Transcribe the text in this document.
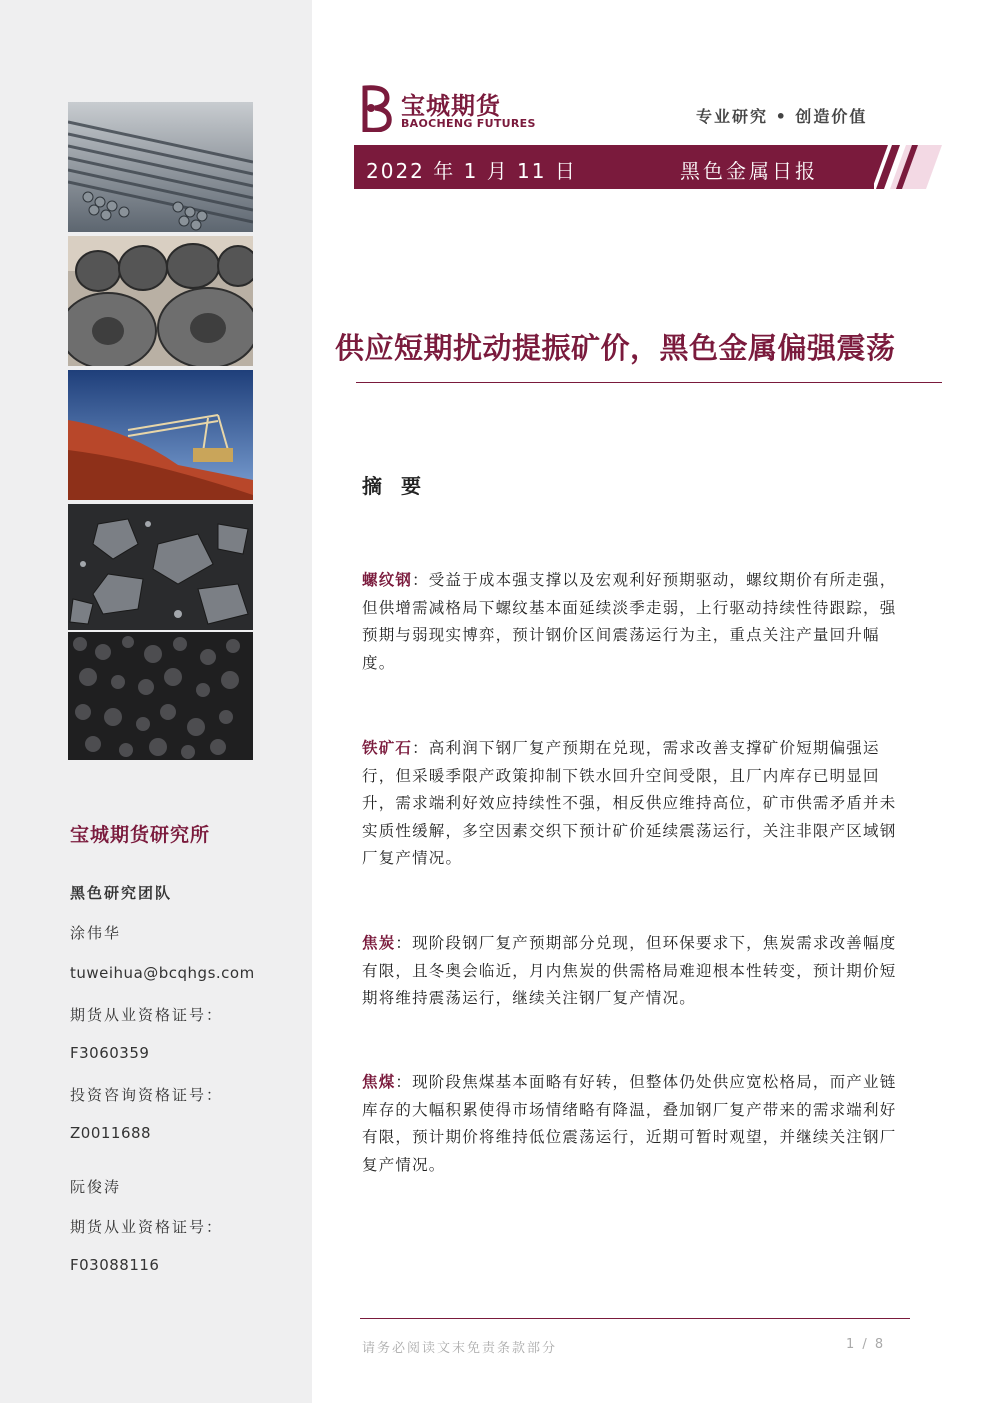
宝城期货研究所
黑色研究团队
涂伟华
tuweihua@bcqhgs.com
期货从业资格证号：
F3060359
投资咨询资格证号：
Z0011688
阮俊涛
期货从业资格证号：
F03088116
宝城期货
BAOCHENG FUTURES	专业研究 • 创造价值
2022 年 1 月 11 日	黑色金属日报
供应短期扰动提振矿价，黑色金属偏强震荡
摘 要
螺纹钢：受益于成本强支撑以及宏观利好预期驱动，螺纹期价有所走强，但供增需减格局下螺纹基本面延续淡季走弱，上行驱动持续性待跟踪，强预期与弱现实博弈，预计钢价区间震荡运行为主，重点关注产量回升幅度。
铁矿石：高利润下钢厂复产预期在兑现，需求改善支撑矿价短期偏强运行，但采暖季限产政策抑制下铁水回升空间受限，且厂内库存已明显回升，需求端利好效应持续性不强，相反供应维持高位，矿市供需矛盾并未实质性缓解，多空因素交织下预计矿价延续震荡运行，关注非限产区域钢厂复产情况。
焦炭：现阶段钢厂复产预期部分兑现，但环保要求下，焦炭需求改善幅度有限，且冬奥会临近，月内焦炭的供需格局难迎根本性转变，预计期价短期将维持震荡运行，继续关注钢厂复产情况。
焦煤：现阶段焦煤基本面略有好转，但整体仍处供应宽松格局，而产业链库存的大幅积累使得市场情绪略有降温，叠加钢厂复产带来的需求端利好有限，预计期价将维持低位震荡运行，近期可暂时观望，并继续关注钢厂复产情况。
请务必阅读文末免责条款部分	1 / 8
